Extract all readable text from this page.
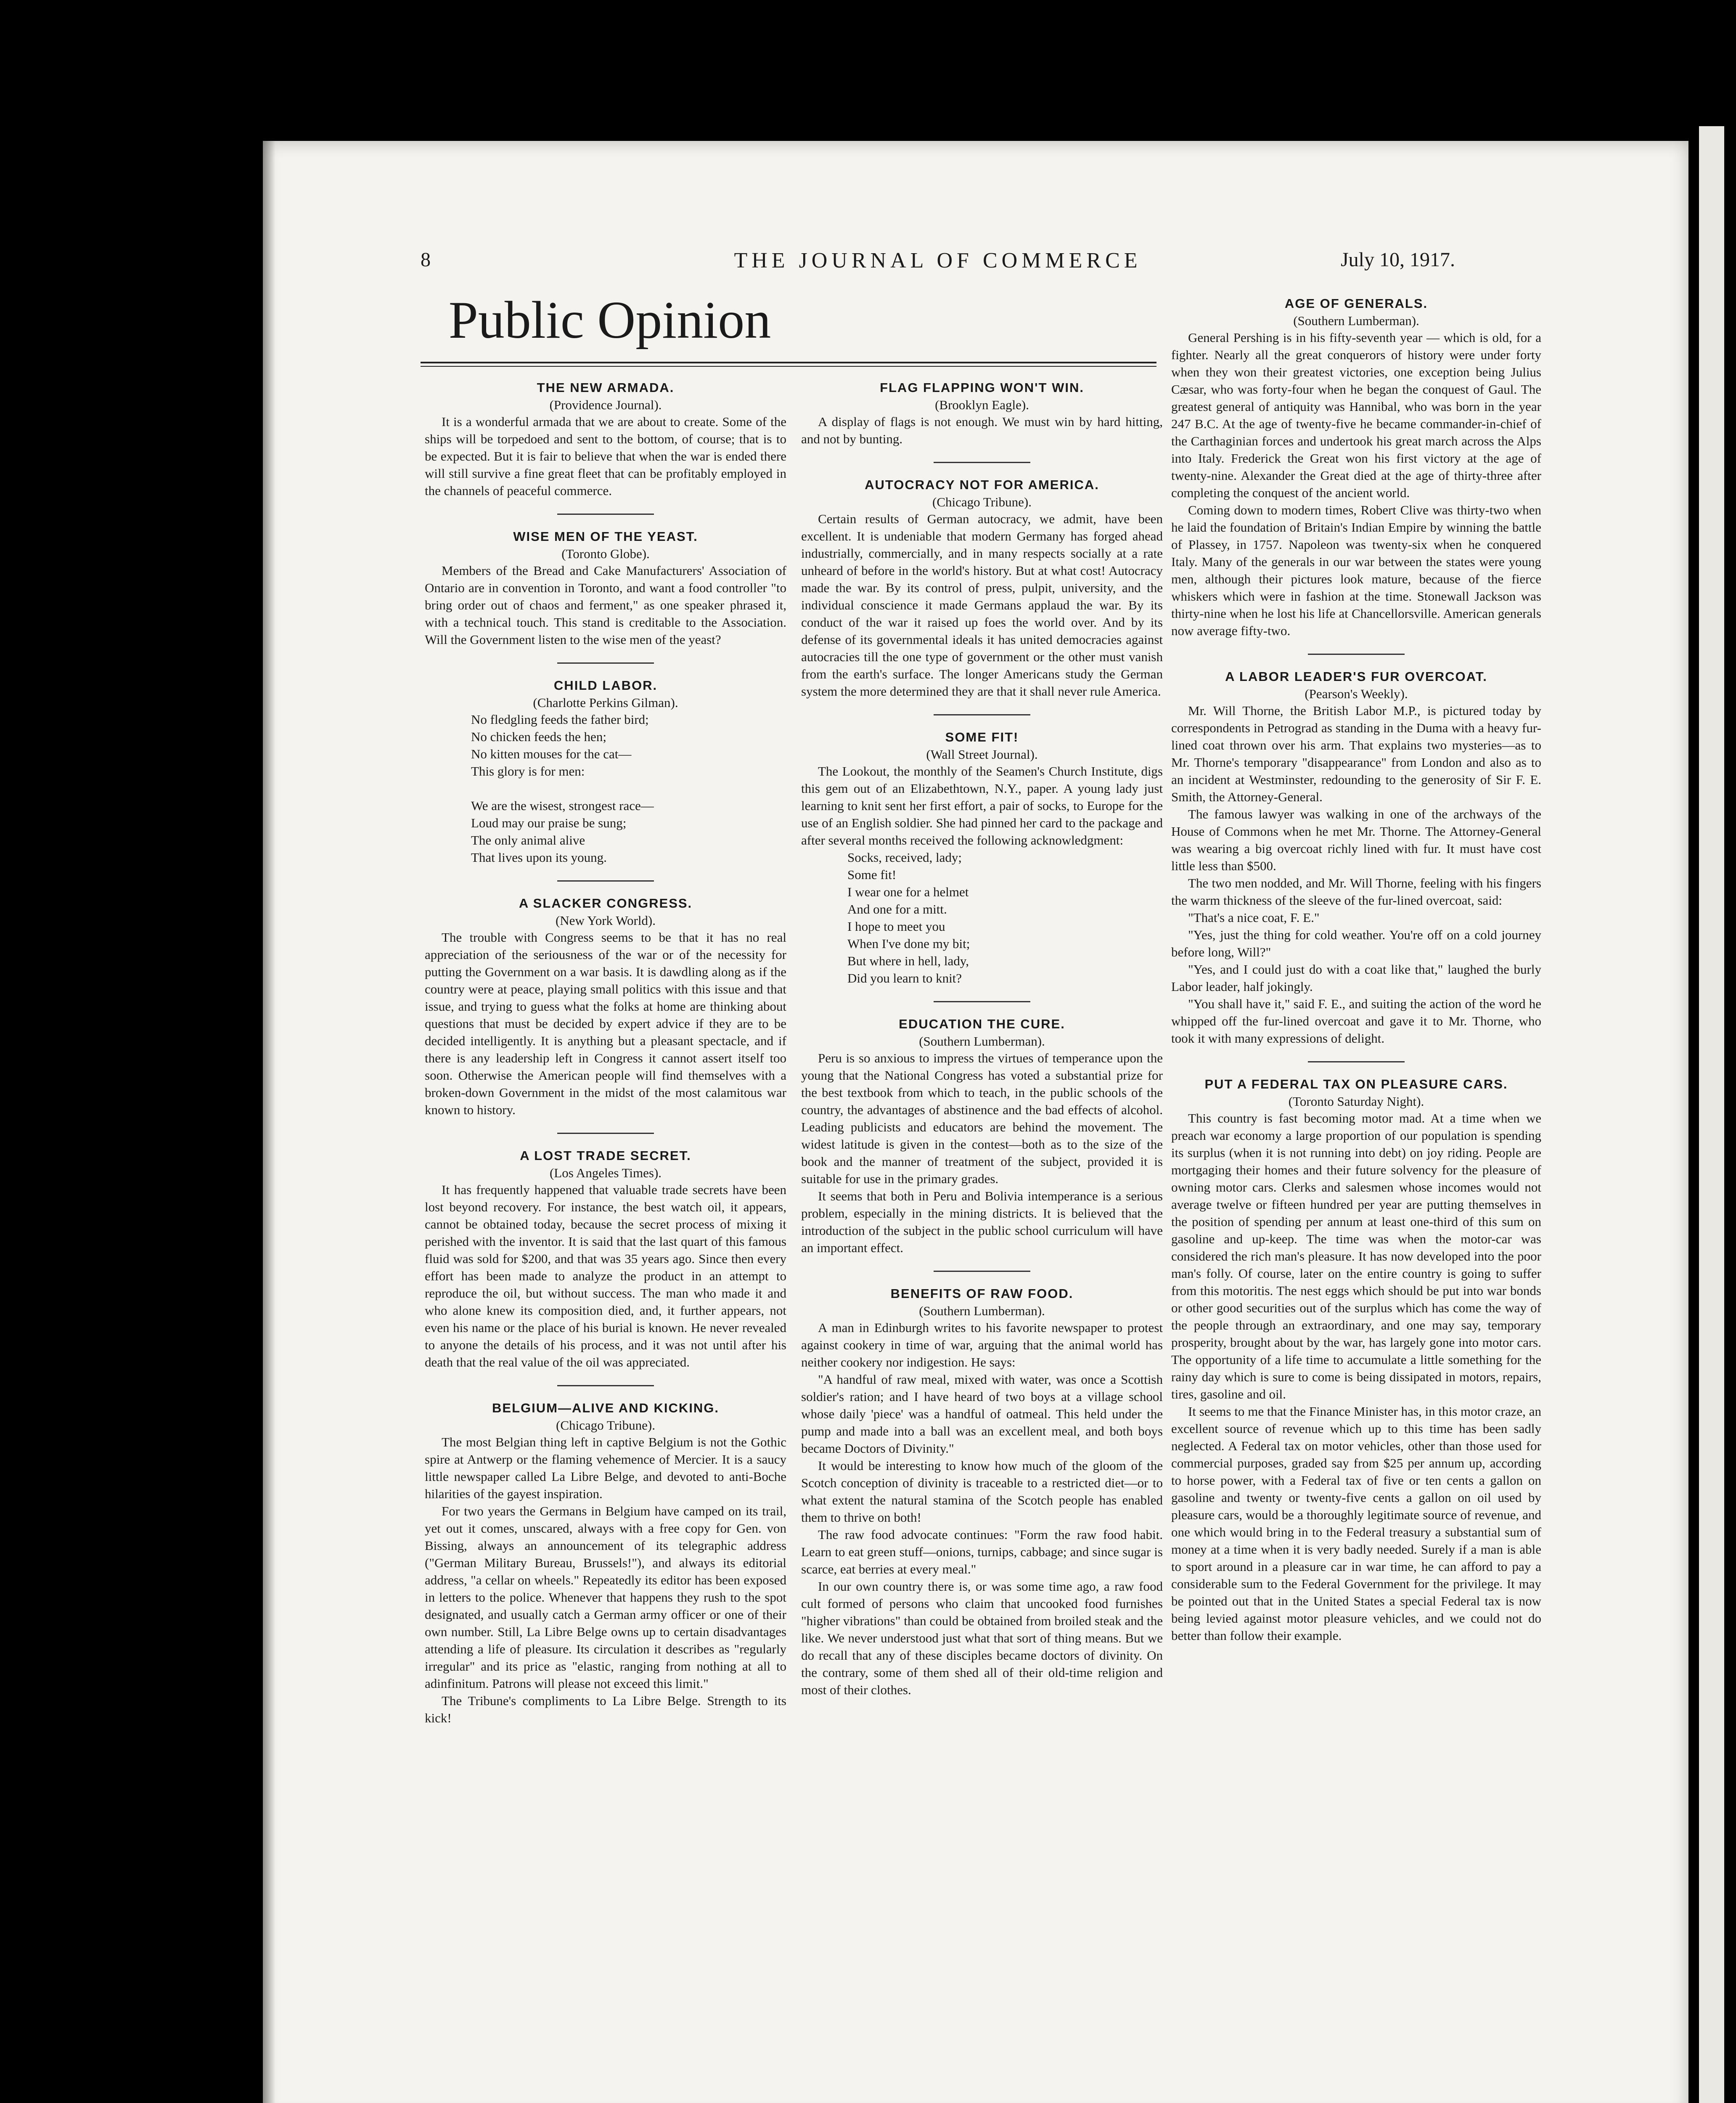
8	THE JOURNAL OF COMMERCE	July 10, 1917.
Public Opinion

THE NEW ARMADA.

(Providence Journal).

It is a wonderful armada that we are about to create. Some of the ships will be torpedoed and sent to the bottom, of course; that is to be expected. But it is fair to believe that when the war is ended there will still survive a fine great fleet that can be profitably employed in the channels of peaceful commerce.

WISE MEN OF THE YEAST.

(Toronto Globe).

Members of the Bread and Cake Manufacturers' Association of Ontario are in convention in Toronto, and want a food controller "to bring order out of chaos and ferment," as one speaker phrased it, with a technical touch. This stand is creditable to the Association. Will the Government listen to the wise men of the yeast?

CHILD LABOR.

(Charlotte Perkins Gilman).

No fledgling feeds the father bird;
No chicken feeds the hen;
No kitten mouses for the cat—
This glory is for men:

We are the wisest, strongest race—
Loud may our praise be sung;
The only animal alive
That lives upon its young.

A SLACKER CONGRESS.

(New York World).

The trouble with Congress seems to be that it has no real appreciation of the seriousness of the war or of the necessity for putting the Government on a war basis. It is dawdling along as if the country were at peace, playing small politics with this issue and that issue, and trying to guess what the folks at home are thinking about questions that must be decided by expert advice if they are to be decided intelligently. It is anything but a pleasant spectacle, and if there is any leadership left in Congress it cannot assert itself too soon. Otherwise the American people will find themselves with a broken-down Government in the midst of the most calamitous war known to history.

A LOST TRADE SECRET.

(Los Angeles Times).

It has frequently happened that valuable trade secrets have been lost beyond recovery. For instance, the best watch oil, it appears, cannot be obtained today, because the secret process of mixing it perished with the inventor. It is said that the last quart of this famous fluid was sold for $200, and that was 35 years ago. Since then every effort has been made to analyze the product in an attempt to reproduce the oil, but without success. The man who made it and who alone knew its composition died, and, it further appears, not even his name or the place of his burial is known. He never revealed to anyone the details of his process, and it was not until after his death that the real value of the oil was appreciated.

BELGIUM—ALIVE AND KICKING.

(Chicago Tribune).

The most Belgian thing left in captive Belgium is not the Gothic spire at Antwerp or the flaming vehemence of Mercier. It is a saucy little newspaper called La Libre Belge, and devoted to anti-Boche hilarities of the gayest inspiration.

For two years the Germans in Belgium have camped on its trail, yet out it comes, unscared, always with a free copy for Gen. von Bissing, always an announcement of its telegraphic address ("German Military Bureau, Brussels!"), and always its editorial address, "a cellar on wheels." Repeatedly its editor has been exposed in letters to the police. Whenever that happens they rush to the spot designated, and usually catch a German army officer or one of their own number. Still, La Libre Belge owns up to certain disadvantages attending a life of pleasure. Its circulation it describes as "regularly irregular" and its price as "elastic, ranging from nothing at all to adinfinitum. Patrons will please not exceed this limit."

The Tribune's compliments to La Libre Belge. Strength to its kick!

FLAG FLAPPING WON'T WIN.

(Brooklyn Eagle).

A display of flags is not enough. We must win by hard hitting, and not by bunting.

AUTOCRACY NOT FOR AMERICA.

(Chicago Tribune).

Certain results of German autocracy, we admit, have been excellent. It is undeniable that modern Germany has forged ahead industrially, commercially, and in many respects socially at a rate unheard of before in the world's history. But at what cost! Autocracy made the war. By its control of press, pulpit, university, and the individual conscience it made Germans applaud the war. By its conduct of the war it raised up foes the world over. And by its defense of its governmental ideals it has united democracies against autocracies till the one type of government or the other must vanish from the earth's surface. The longer Americans study the German system the more determined they are that it shall never rule America.

SOME FIT!

(Wall Street Journal).

The Lookout, the monthly of the Seamen's Church Institute, digs this gem out of an Elizabethtown, N.Y., paper. A young lady just learning to knit sent her first effort, a pair of socks, to Europe for the use of an English soldier. She had pinned her card to the package and after several months received the following acknowledgment:

Socks, received, lady;
Some fit!
I wear one for a helmet
And one for a mitt.
I hope to meet you
When I've done my bit;
But where in hell, lady,
Did you learn to knit?

EDUCATION THE CURE.

(Southern Lumberman).

Peru is so anxious to impress the virtues of temperance upon the young that the National Congress has voted a substantial prize for the best textbook from which to teach, in the public schools of the country, the advantages of abstinence and the bad effects of alcohol. Leading publicists and educators are behind the movement. The widest latitude is given in the contest—both as to the size of the book and the manner of treatment of the subject, provided it is suitable for use in the primary grades.

It seems that both in Peru and Bolivia intemperance is a serious problem, especially in the mining districts. It is believed that the introduction of the subject in the public school curriculum will have an important effect.

BENEFITS OF RAW FOOD.

(Southern Lumberman).

A man in Edinburgh writes to his favorite newspaper to protest against cookery in time of war, arguing that the animal world has neither cookery nor indigestion. He says:

"A handful of raw meal, mixed with water, was once a Scottish soldier's ration; and I have heard of two boys at a village school whose daily 'piece' was a handful of oatmeal. This held under the pump and made into a ball was an excellent meal, and both boys became Doctors of Divinity."

It would be interesting to know how much of the gloom of the Scotch conception of divinity is traceable to a restricted diet—or to what extent the natural stamina of the Scotch people has enabled them to thrive on both!

The raw food advocate continues: "Form the raw food habit. Learn to eat green stuff—onions, turnips, cabbage; and since sugar is scarce, eat berries at every meal."

In our own country there is, or was some time ago, a raw food cult formed of persons who claim that uncooked food furnishes "higher vibrations" than could be obtained from broiled steak and the like. We never understood just what that sort of thing means. But we do recall that any of these disciples became doctors of divinity. On the contrary, some of them shed all of their old-time religion and most of their clothes.

AGE OF GENERALS.

(Southern Lumberman).

General Pershing is in his fifty-seventh year — which is old, for a fighter. Nearly all the great conquerors of history were under forty when they won their greatest victories, one exception being Julius Cæsar, who was forty-four when he began the conquest of Gaul. The greatest general of antiquity was Hannibal, who was born in the year 247 B.C. At the age of twenty-five he became commander-in-chief of the Carthaginian forces and undertook his great march across the Alps into Italy. Frederick the Great won his first victory at the age of twenty-nine. Alexander the Great died at the age of thirty-three after completing the conquest of the ancient world.

Coming down to modern times, Robert Clive was thirty-two when he laid the foundation of Britain's Indian Empire by winning the battle of Plassey, in 1757. Napoleon was twenty-six when he conquered Italy. Many of the generals in our war between the states were young men, although their pictures look mature, because of the fierce whiskers which were in fashion at the time. Stonewall Jackson was thirty-nine when he lost his life at Chancellorsville. American generals now average fifty-two.

A LABOR LEADER'S FUR OVERCOAT.

(Pearson's Weekly).

Mr. Will Thorne, the British Labor M.P., is pictured today by correspondents in Petrograd as standing in the Duma with a heavy fur-lined coat thrown over his arm. That explains two mysteries—as to Mr. Thorne's temporary "disappearance" from London and also as to an incident at Westminster, redounding to the generosity of Sir F. E. Smith, the Attorney-General.

The famous lawyer was walking in one of the archways of the House of Commons when he met Mr. Thorne. The Attorney-General was wearing a big overcoat richly lined with fur. It must have cost little less than $500.

The two men nodded, and Mr. Will Thorne, feeling with his fingers the warm thickness of the sleeve of the fur-lined overcoat, said:

"That's a nice coat, F. E."

"Yes, just the thing for cold weather. You're off on a cold journey before long, Will?"

"Yes, and I could just do with a coat like that," laughed the burly Labor leader, half jokingly.

"You shall have it," said F. E., and suiting the action of the word he whipped off the fur-lined overcoat and gave it to Mr. Thorne, who took it with many expressions of delight.

PUT A FEDERAL TAX ON PLEASURE CARS.

(Toronto Saturday Night).

This country is fast becoming motor mad. At a time when we preach war economy a large proportion of our population is spending its surplus (when it is not running into debt) on joy riding. People are mortgaging their homes and their future solvency for the pleasure of owning motor cars. Clerks and salesmen whose incomes would not average twelve or fifteen hundred per year are putting themselves in the position of spending per annum at least one-third of this sum on gasoline and up-keep. The time was when the motor-car was considered the rich man's pleasure. It has now developed into the poor man's folly. Of course, later on the entire country is going to suffer from this motoritis. The nest eggs which should be put into war bonds or other good securities out of the surplus which has come the way of the people through an extraordinary, and one may say, temporary prosperity, brought about by the war, has largely gone into motor cars. The opportunity of a life time to accumulate a little something for the rainy day which is sure to come is being dissipated in motors, repairs, tires, gasoline and oil.

It seems to me that the Finance Minister has, in this motor craze, an excellent source of revenue which up to this time has been sadly neglected. A Federal tax on motor vehicles, other than those used for commercial purposes, graded say from $25 per annum up, according to horse power, with a Federal tax of five or ten cents a gallon on gasoline and twenty or twenty-five cents a gallon on oil used by pleasure cars, would be a thoroughly legitimate source of revenue, and one which would bring in to the Federal treasury a substantial sum of money at a time when it is very badly needed. Surely if a man is able to sport around in a pleasure car in war time, he can afford to pay a considerable sum to the Federal Government for the privilege. It may be pointed out that in the United States a special Federal tax is now being levied against motor pleasure vehicles, and we could not do better than follow their example.
